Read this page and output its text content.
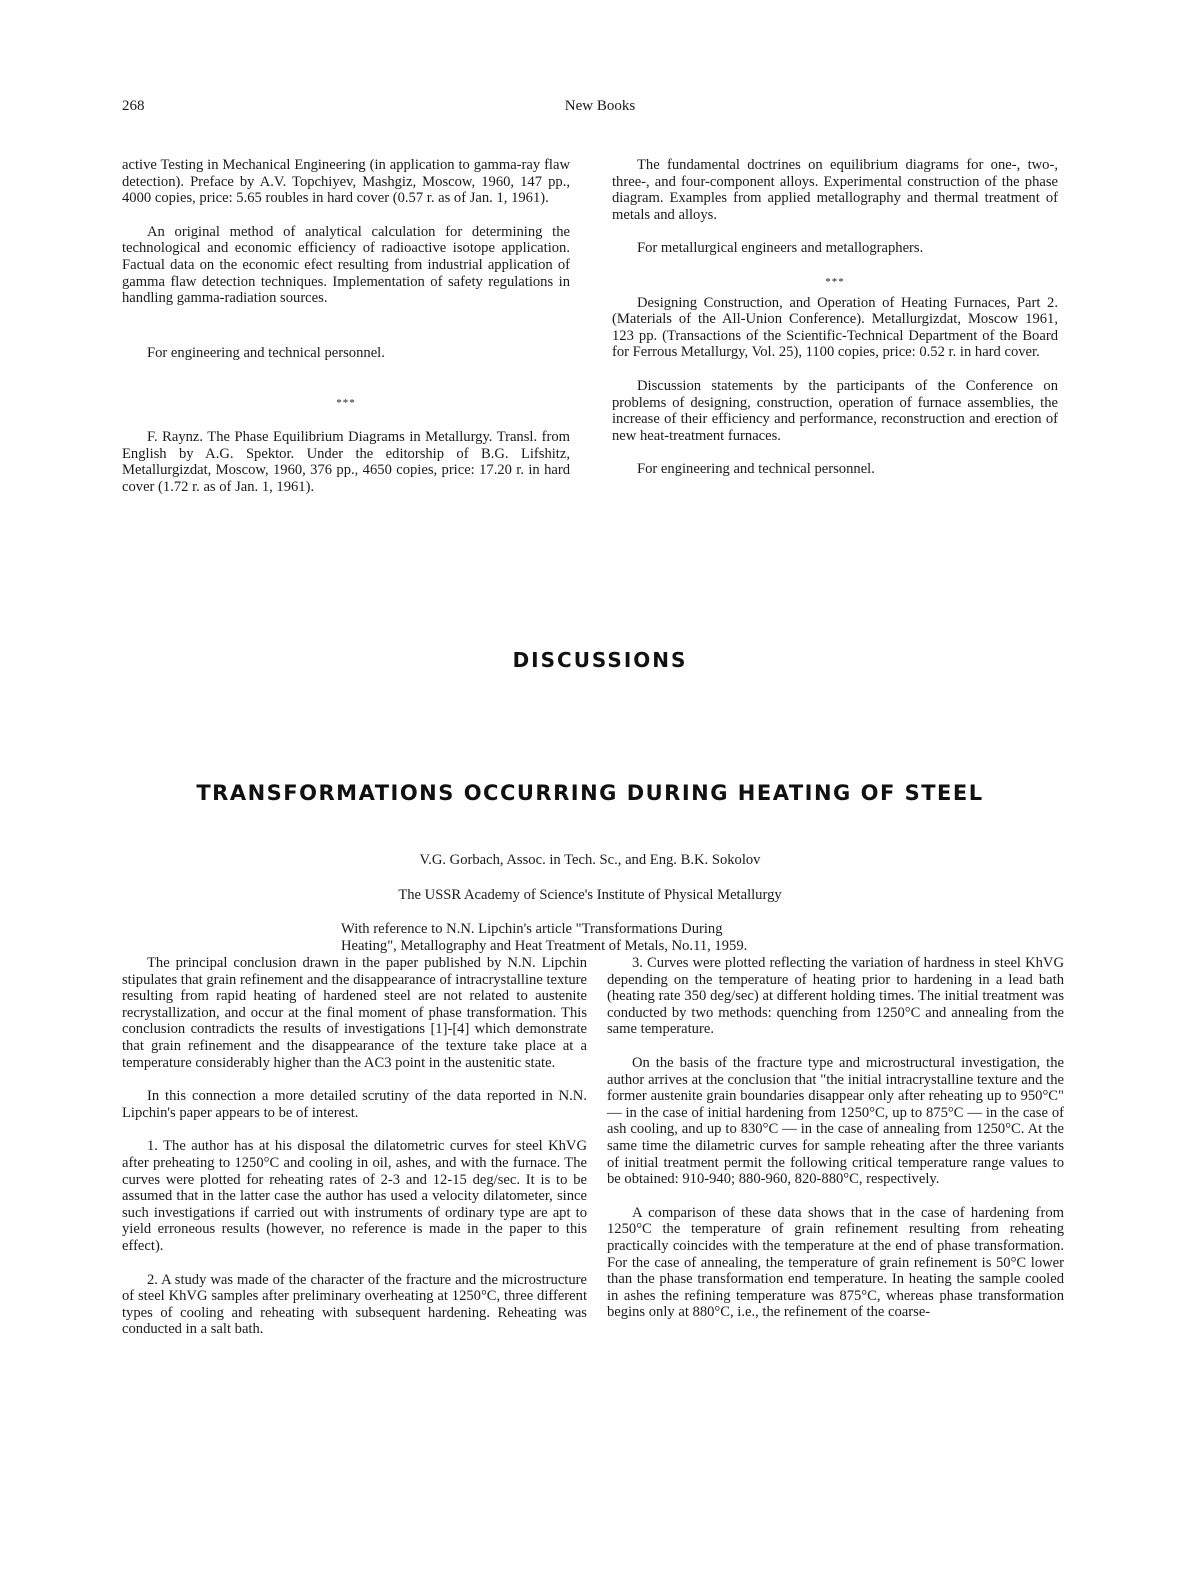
268	New Books

active Testing in Mechanical Engineering (in application to gamma-ray flaw detection). Preface by A.V. Topchiyev, Mashgiz, Moscow, 1960, 147 pp., 4000 copies, price: 5.65 roubles in hard cover (0.57 r. as of Jan. 1, 1961).

An original method of analytical calculation for determining the technological and economic efficiency of radioactive isotope application. Factual data on the economic efect resulting from industrial application of gamma flaw detection techniques. Implementation of safety regulations in handling gamma-radiation sources.

For engineering and technical personnel.

***

F. Raynz. The Phase Equilibrium Diagrams in Metallurgy. Transl. from English by A.G. Spektor. Under the editorship of B.G. Lifshitz, Metallurgizdat, Moscow, 1960, 376 pp., 4650 copies, price: 17.20 r. in hard cover (1.72 r. as of Jan. 1, 1961).

The fundamental doctrines on equilibrium diagrams for one-, two-, three-, and four-component alloys. Experimental construction of the phase diagram. Examples from applied metallography and thermal treatment of metals and alloys.

For metallurgical engineers and metallographers.

***

Designing Construction, and Operation of Heating Furnaces, Part 2. (Materials of the All-Union Conference). Metallurgizdat, Moscow 1961, 123 pp. (Transactions of the Scientific-Technical Department of the Board for Ferrous Metallurgy, Vol. 25), 1100 copies, price: 0.52 r. in hard cover.

Discussion statements by the participants of the Conference on problems of designing, construction, operation of furnace assemblies, the increase of their efficiency and performance, reconstruction and erection of new heat-treatment furnaces.

For engineering and technical personnel.

DISCUSSIONS
TRANSFORMATIONS OCCURRING DURING HEATING OF STEEL
V.G. Gorbach, Assoc. in Tech. Sc., and Eng. B.K. Sokolov
The USSR Academy of Science's Institute of Physical Metallurgy
With reference to N.N. Lipchin's article "Transformations During
Heating", Metallography and Heat Treatment of Metals, No.11, 1959.

The principal conclusion drawn in the paper published by N.N. Lipchin stipulates that grain refinement and the disappearance of intracrystalline texture resulting from rapid heating of hardened steel are not related to austenite recrystallization, and occur at the final moment of phase transformation. This conclusion contradicts the results of investigations [1]-[4] which demonstrate that grain refinement and the disappearance of the texture take place at a temperature considerably higher than the AC3 point in the austenitic state.

In this connection a more detailed scrutiny of the data reported in N.N. Lipchin's paper appears to be of interest.

1. The author has at his disposal the dilatometric curves for steel KhVG after preheating to 1250°C and cooling in oil, ashes, and with the furnace. The curves were plotted for reheating rates of 2-3 and 12-15 deg/sec. It is to be assumed that in the latter case the author has used a velocity dilatometer, since such investigations if carried out with instruments of ordinary type are apt to yield erroneous results (however, no reference is made in the paper to this effect).

2. A study was made of the character of the fracture and the microstructure of steel KhVG samples after preliminary overheating at 1250°C, three different types of cooling and reheating with subsequent hardening. Reheating was conducted in a salt bath.

3. Curves were plotted reflecting the variation of hardness in steel KhVG depending on the temperature of heating prior to hardening in a lead bath (heating rate 350 deg/sec) at different holding times. The initial treatment was conducted by two methods: quenching from 1250°C and annealing from the same temperature.

On the basis of the fracture type and microstructural investigation, the author arrives at the conclusion that "the initial intracrystalline texture and the former austenite grain boundaries disappear only after reheating up to 950°C" — in the case of initial hardening from 1250°C, up to 875°C — in the case of ash cooling, and up to 830°C — in the case of annealing from 1250°C. At the same time the dilametric curves for sample reheating after the three variants of initial treatment permit the following critical temperature range values to be obtained: 910-940; 880-960, 820-880°C, respectively.

A comparison of these data shows that in the case of hardening from 1250°C the temperature of grain refinement resulting from reheating practically coincides with the temperature at the end of phase transformation. For the case of annealing, the temperature of grain refinement is 50°C lower than the phase transformation end temperature. In heating the sample cooled in ashes the refining temperature was 875°C, whereas phase transformation begins only at 880°C, i.e., the refinement of the coarse-
